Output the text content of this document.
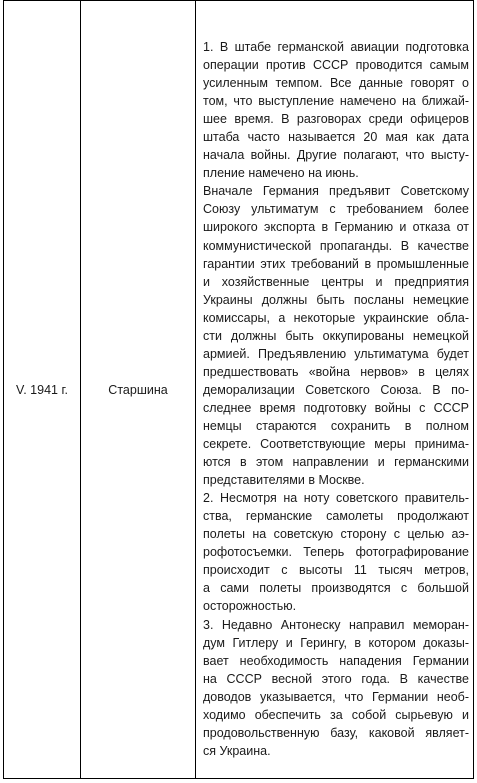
V. 1941 г.	Старшина
1. В штабе германской авиации подготовка
операции против СССР проводится самым
усиленным темпом. Все данные говорят о
том, что выступление намечено на ближай-
шее время. В разговорах среди офицеров
штаба часто называется 20 мая как дата
начала войны. Другие полагают, что высту-
пление намечено на июнь.
Вначале Германия предъявит Советскому
Союзу ультиматум с требованием более
широкого экспорта в Германию и отказа от
коммунистической пропаганды. В качестве
гарантии этих требований в промышленные
и хозяйственные центры и предприятия
Украины должны быть посланы немецкие
комиссары, а некоторые украинские обла-
сти должны быть оккупированы немецкой
армией. Предъявлению ультиматума будет
предшествовать «война нервов» в целях
деморализации Советского Союза. В по-
следнее время подготовку войны с СССР
немцы стараются сохранить в полном
секрете. Соответствующие меры принима-
ются в этом направлении и германскими
представителями в Москве.
2. Несмотря на ноту советского правитель-
ства, германские самолеты продолжают
полеты на советскую сторону с целью аэ-
рофотосъемки. Теперь фотографирование
происходит с высоты 11 тысяч метров,
а сами полеты производятся с большой
осторожностью.
3. Недавно Антонеску направил меморан-
дум Гитлеру и Герингу, в котором доказы-
вает необходимость нападения Германии
на СССР весной этого года. В качестве
доводов указывается, что Германии необ-
ходимо обеспечить за собой сырьевую и
продовольственную базу, каковой являет-
ся Украина.
